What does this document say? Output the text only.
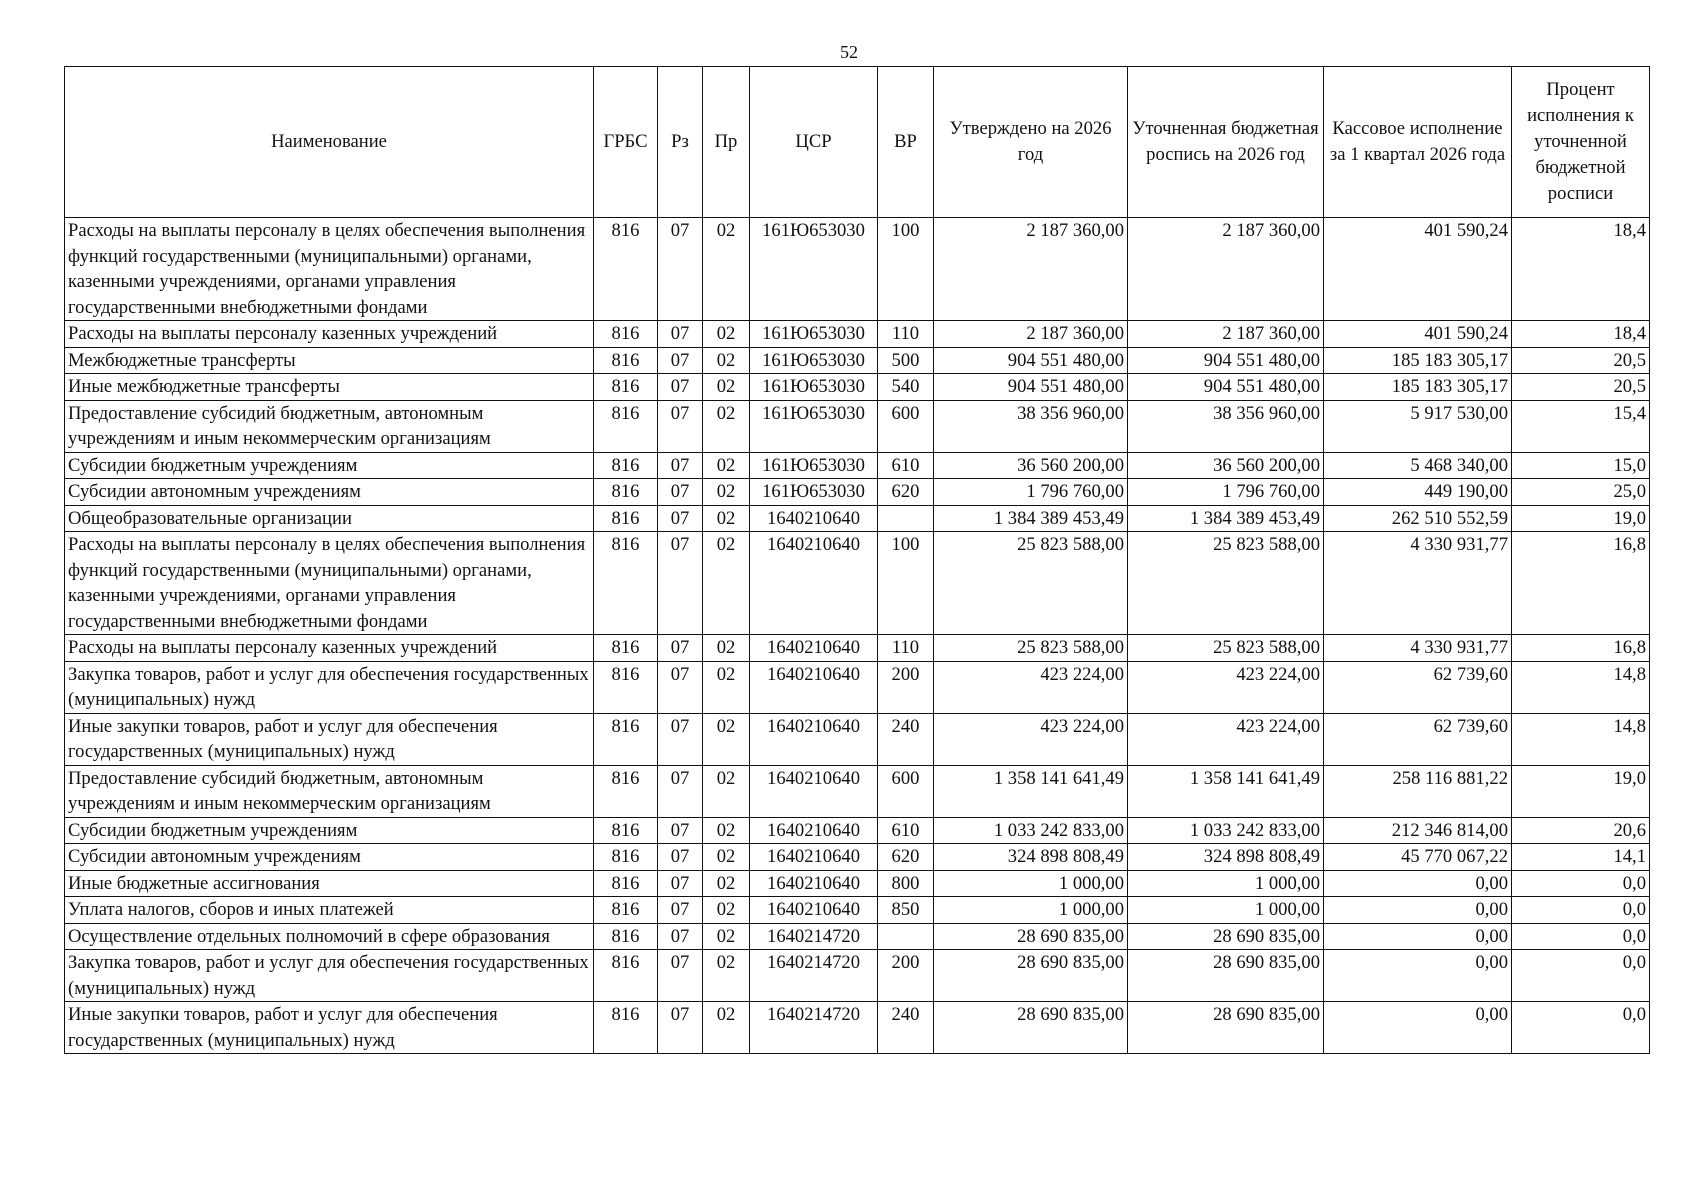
52
Наименование	ГРБС	Рз	Пр	ЦСР	ВР	Утверждено на 2026 год	Уточненная бюджетная роспись на 2026 год	Кассовое исполнение за 1 квартал 2026 года	Процент исполнения к уточненной бюджетной росписи
Расходы на выплаты персоналу в целях обеспечения выполнения функций государственными (муниципальными) органами, казенными учреждениями, органами управления государственными внебюджетными фондами	816	07	02	161Ю653030	100	2 187 360,00	2 187 360,00	401 590,24	18,4
Расходы на выплаты персоналу казенных учреждений	816	07	02	161Ю653030	110	2 187 360,00	2 187 360,00	401 590,24	18,4
Межбюджетные трансферты	816	07	02	161Ю653030	500	904 551 480,00	904 551 480,00	185 183 305,17	20,5
Иные межбюджетные трансферты	816	07	02	161Ю653030	540	904 551 480,00	904 551 480,00	185 183 305,17	20,5
Предоставление субсидий бюджетным, автономным учреждениям и иным некоммерческим организациям	816	07	02	161Ю653030	600	38 356 960,00	38 356 960,00	5 917 530,00	15,4
Субсидии бюджетным учреждениям	816	07	02	161Ю653030	610	36 560 200,00	36 560 200,00	5 468 340,00	15,0
Субсидии автономным учреждениям	816	07	02	161Ю653030	620	1 796 760,00	1 796 760,00	449 190,00	25,0
Общеобразовательные организации	816	07	02	1640210640		1 384 389 453,49	1 384 389 453,49	262 510 552,59	19,0
Расходы на выплаты персоналу в целях обеспечения выполнения функций государственными (муниципальными) органами, казенными учреждениями, органами управления государственными внебюджетными фондами	816	07	02	1640210640	100	25 823 588,00	25 823 588,00	4 330 931,77	16,8
Расходы на выплаты персоналу казенных учреждений	816	07	02	1640210640	110	25 823 588,00	25 823 588,00	4 330 931,77	16,8
Закупка товаров, работ и услуг для обеспечения государственных (муниципальных) нужд	816	07	02	1640210640	200	423 224,00	423 224,00	62 739,60	14,8
Иные закупки товаров, работ и услуг для обеспечения государственных (муниципальных) нужд	816	07	02	1640210640	240	423 224,00	423 224,00	62 739,60	14,8
Предоставление субсидий бюджетным, автономным учреждениям и иным некоммерческим организациям	816	07	02	1640210640	600	1 358 141 641,49	1 358 141 641,49	258 116 881,22	19,0
Субсидии бюджетным учреждениям	816	07	02	1640210640	610	1 033 242 833,00	1 033 242 833,00	212 346 814,00	20,6
Субсидии автономным учреждениям	816	07	02	1640210640	620	324 898 808,49	324 898 808,49	45 770 067,22	14,1
Иные бюджетные ассигнования	816	07	02	1640210640	800	1 000,00	1 000,00	0,00	0,0
Уплата налогов, сборов и иных платежей	816	07	02	1640210640	850	1 000,00	1 000,00	0,00	0,0
Осуществление отдельных полномочий в сфере образования	816	07	02	1640214720		28 690 835,00	28 690 835,00	0,00	0,0
Закупка товаров, работ и услуг для обеспечения государственных (муниципальных) нужд	816	07	02	1640214720	200	28 690 835,00	28 690 835,00	0,00	0,0
Иные закупки товаров, работ и услуг для обеспечения государственных (муниципальных) нужд	816	07	02	1640214720	240	28 690 835,00	28 690 835,00	0,00	0,0
